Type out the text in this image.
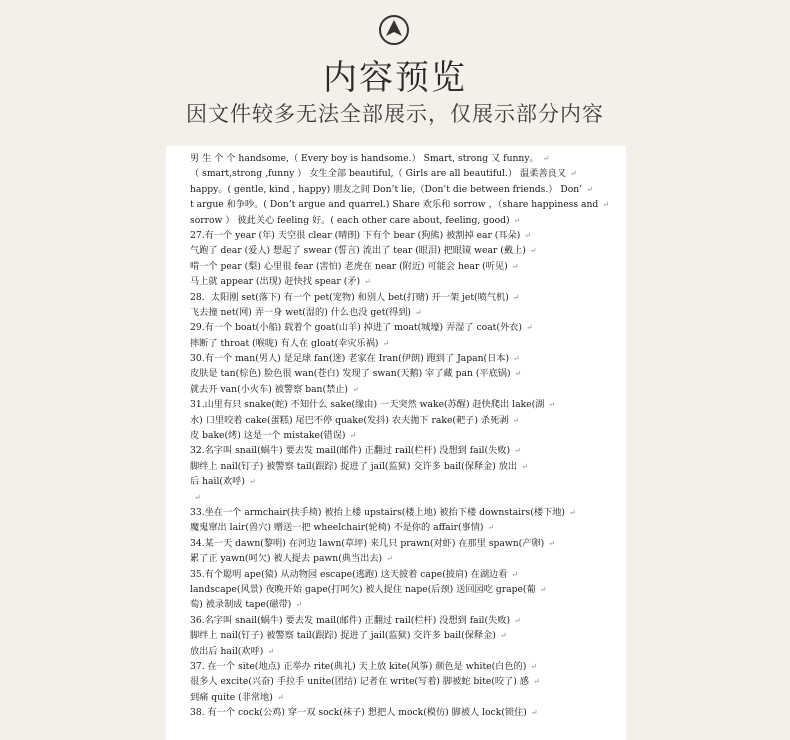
内容预览
因文件较多无法全部展示，仅展示部分内容
男 生 个 个 handsome,（ Every boy is handsome.） Smart, strong 又 funny。 ↵
（ smart,strong ,funny ） 女生全部 beautiful,（ Girls are all beautiful.） 温柔善良又 ↵
happy。( gentle, kind , happy) 朋友之间 Don’t lie,（Don’t die between friends.） Don’ ↵
t argue 和争吵。( Don’t argue and quarrel.) Share 欢乐和 sorrow ，（share happiness and ↵
sorrow ） 彼此关心 feeling 好。( each other care about, feeling, good) ↵
27.有一个 year (年) 天空很 clear (晴朗) 下有个 bear (狗熊) 被割掉 ear (耳朵) ↵
气跑了 dear (爱人) 想起了 swear (誓言) 流出了 tear (眼泪) 把眼镜 wear (戴上) ↵
啃一个 pear (梨) 心里很 fear (害怕) 老虎在 near (附近) 可能会 hear (听见) ↵
马上就 appear (出现) 赶快找 spear (矛) ↵
28．太阳刚 set(落下) 有一个 pet(宠物) 和别人 bet(打赌) 开一架 jet(喷气机) ↵
飞去撞 net(网) 弄一身 wet(湿的) 什么也没 get(得到) ↵
29.有一个 boat(小船) 载着个 goat(山羊) 掉进了 moat(城壕) 弄湿了 coat(外衣) ↵
摔断了 throat (喉咙) 有人在 gloat(幸灾乐祸) ↵
30.有一个 man(男人) 是足球 fan(迷) 老家在 Iran(伊朗) 跑到了 Japan(日本) ↵
皮肤是 tan(棕色) 脸色很 wan(苍白) 发现了 swan(天鹅) 宰了藏 pan (平底锅) ↵
就去开 van(小火车) 被警察 ban(禁止) ↵
31.山里有只 snake(蛇) 不知什么 sake(缘由) 一天突然 wake(苏醒) 赶快爬出 lake(湖 ↵
水) 口里咬着 cake(蛋糕) 尾巴不停 quake(发抖) 农夫拋下 rake(耙子) 杀死剥 ↵
皮 bake(烤) 这是一个 mistake(错误) ↵
32.名字叫 snail(蜗牛) 要去发 mail(邮件) 正翻过 rail(栏杆) 没想到 fail(失败) ↵
脚绊上 nail(钉子) 被警察 tail(跟踪) 捉进了 jail(监狱) 交许多 bail(保释金) 放出 ↵
后 hail(欢呼) ↵
↵
33.坐在一个 armchair(扶手椅) 被抬上楼 upstairs(楼上地) 被抬下楼 downstairs(楼下地) ↵
魔鬼窜出 lair(兽穴) 赠送一把 wheelchair(轮椅) 不是你的 affair(事情) ↵
34.某一天 dawn(黎明) 在河边 lawn(草坪) 来几只 prawn(对虾) 在那里 spawn(产卵) ↵
累了正 yawn(呵欠) 被人捉去 pawn(典当出去) ↵
35.有个聪明 ape(猿) 从动物园 escape(逃跑) 这天披着 cape(披肩) 在湖边看 ↵
landscape(风景) 夜晚开始 gape(打呵欠) 被人捉住 nape(后颈) 送回园吃 grape(葡 ↵
萄) 被录制成 tape(磁带) ↵
36.名字叫 snail(蜗牛) 要去发 mail(邮件) 正翻过 rail(栏杆) 没想到 fail(失败) ↵
脚绊上 nail(钉子) 被警察 tail(跟踪) 捉进了 jail(监狱) 交许多 bail(保释金) ↵
放出后 hail(欢呼) ↵
37. 在一个 site(地点) 正举办 rite(典礼) 天上放 kite(风筝) 颜色是 white(白色的) ↵
很多人 excite(兴奋) 手拉手 unite(团结) 记者在 write(写着) 脚被蛇 bite(咬了) 感 ↵
到痛 quite (非常地) ↵
38. 有一个 cock(公鸡) 穿一双 sock(袜子) 想把人 mock(模仿) 脚被人 lock(锁住) ↵
